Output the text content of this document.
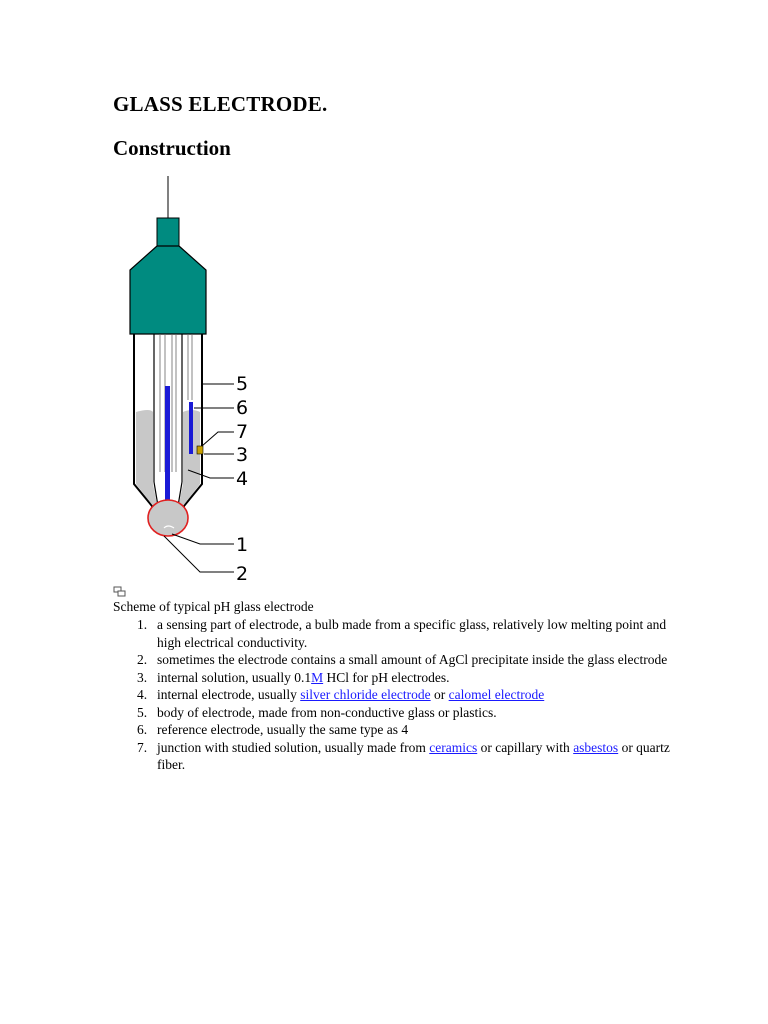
GLASS ELECTRODE.
Construction
5
6
7
3
4
1
2
Scheme of typical pH glass electrode
1. a sensing part of electrode, a bulb made from a specific glass, relatively low melting point and high electrical conductivity.
2. sometimes the electrode contains a small amount of AgCl precipitate inside the glass electrode
3. internal solution, usually 0.1M HCl for pH electrodes.
4. internal electrode, usually silver chloride electrode or calomel electrode
5. body of electrode, made from non-conductive glass or plastics.
6. reference electrode, usually the same type as 4
7. junction with studied solution, usually made from ceramics or capillary with asbestos or quartz fiber.
